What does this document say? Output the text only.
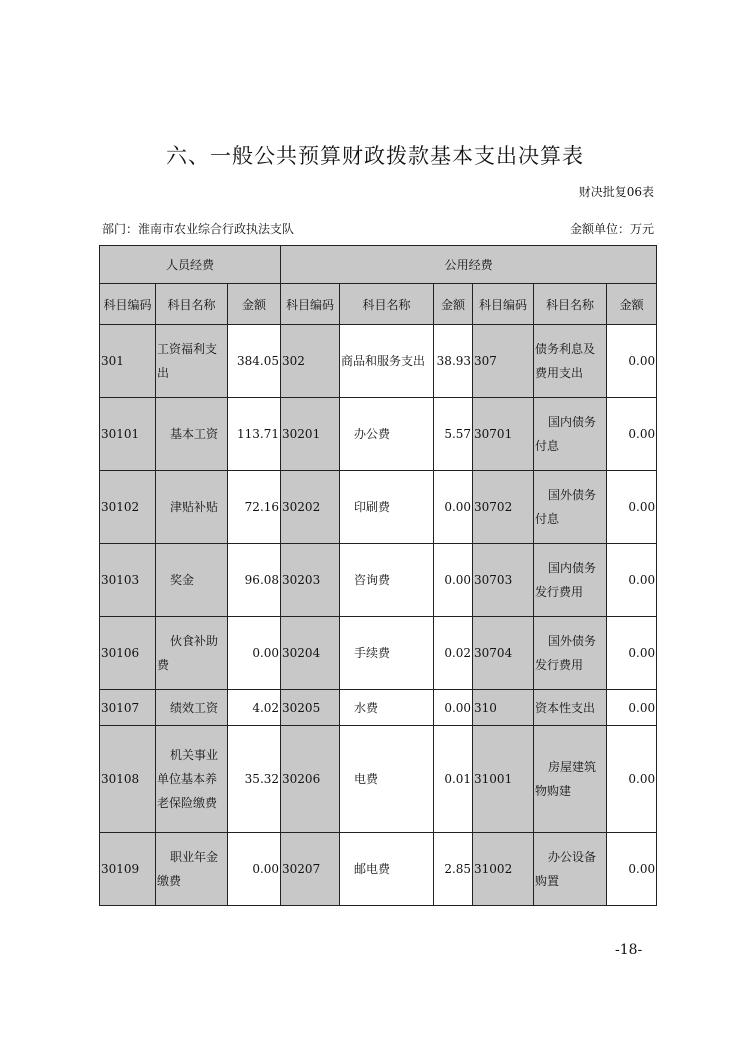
六、一般公共预算财政拨款基本支出决算表
财决批复06表
部门：淮南市农业综合行政执法支队	金额单位：万元
人员经费			公用经费					
科目编码	科目名称	金额	科目编码	科目名称	金额	科目编码	科目名称	金额
301	工资福利支出	384.05	302	商品和服务支出	38.93	307	债务利息及费用支出	0.00
30101	基本工资	113.71	30201	办公费	5.57	30701	国内债务付息	0.00
30102	津贴补贴	72.16	30202	印刷费	0.00	30702	国外债务付息	0.00
30103	奖金	96.08	30203	咨询费	0.00	30703	国内债务发行费用	0.00
30106	伙食补助费	0.00	30204	手续费	0.02	30704	国外债务发行费用	0.00
30107	绩效工资	4.02	30205	水费	0.00	310	资本性支出	0.00
30108	机关事业单位基本养老保险缴费	35.32	30206	电费	0.01	31001	房屋建筑物购建	0.00
30109	职业年金缴费	0.00	30207	邮电费	2.85	31002	办公设备购置	0.00
-18-
